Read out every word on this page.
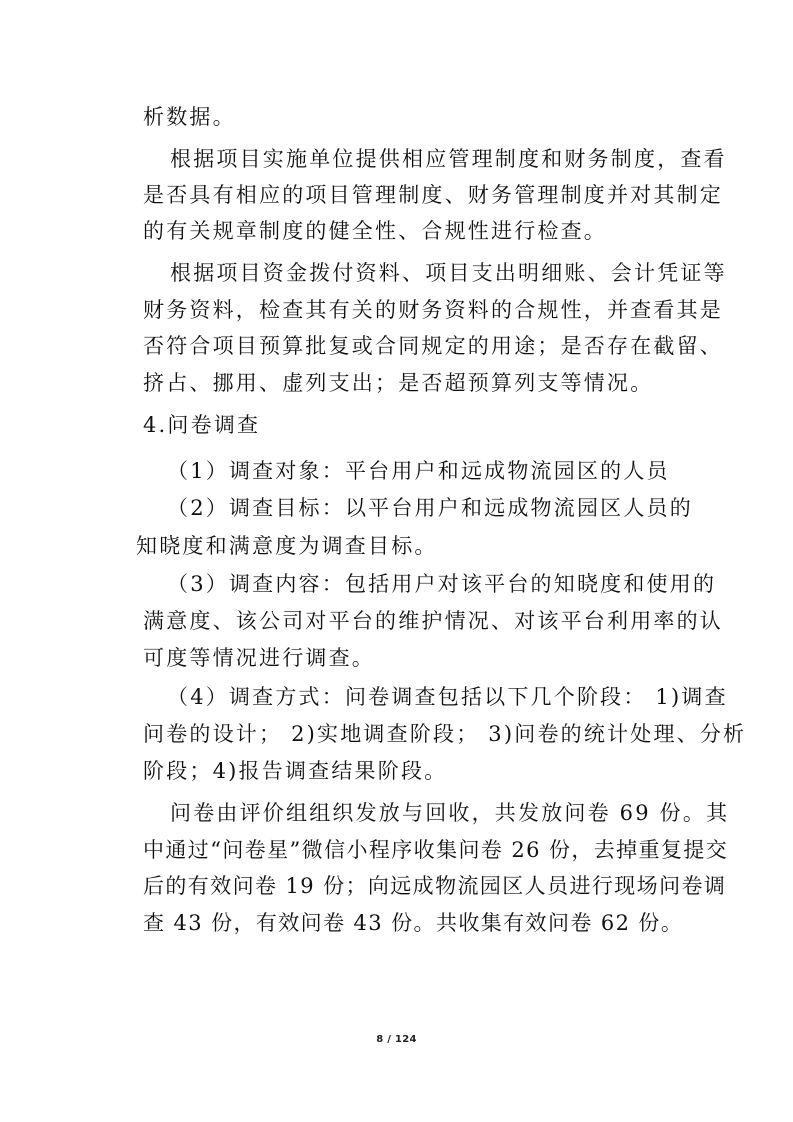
析数据。
根据项目实施单位提供相应管理制度和财务制度，查看
是否具有相应的项目管理制度、财务管理制度并对其制定
的有关规章制度的健全性、合规性进行检查。
根据项目资金拨付资料、项目支出明细账、会计凭证等
财务资料，检查其有关的财务资料的合规性，并查看其是
否符合项目预算批复或合同规定的用途；是否存在截留、
挤占、挪用、虚列支出；是否超预算列支等情况。
4.问卷调查
（1）调查对象：平台用户和远成物流园区的人员
（2）调查目标：以平台用户和远成物流园区人员的
知晓度和满意度为调查目标。
（3）调查内容：包括用户对该平台的知晓度和使用的
满意度、该公司对平台的维护情况、对该平台利用率的认
可度等情况进行调查。
（4）调查方式：问卷调查包括以下几个阶段： 1)调查
问卷的设计； 2)实地调查阶段； 3)问卷的统计处理、分析
阶段；4)报告调查结果阶段。
问卷由评价组组织发放与回收，共发放问卷 69 份。其
中通过“问卷星”微信小程序收集问卷 26 份，去掉重复提交
后的有效问卷 19 份；向远成物流园区人员进行现场问卷调
查 43 份，有效问卷 43 份。共收集有效问卷 62 份。
8 / 124
